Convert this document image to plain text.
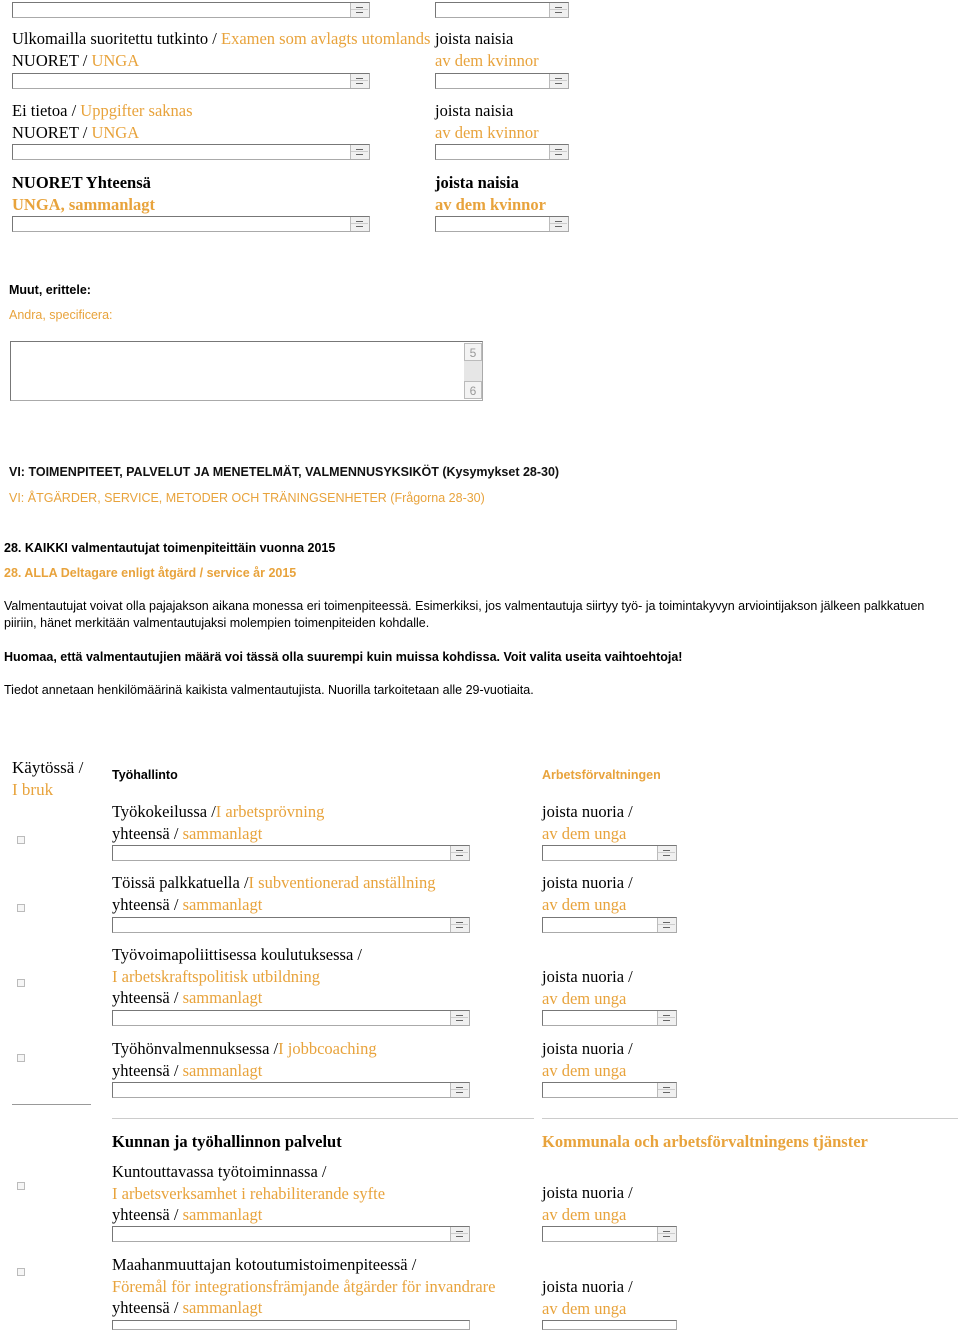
Ulkomailla suoritettu tutkinto / Examen som avlagts utomlands
NUORET / UNGA
joista naisia
av dem kvinnor
Ei tietoa / Uppgifter saknas
NUORET / UNGA
joista naisia
av dem kvinnor
NUORET Yhteensä
UNGA, sammanlagt
joista naisia
av dem kvinnor
Muut, erittele:
Andra, specificera:
5
6
VI: TOIMENPITEET, PALVELUT JA MENETELMÄT, VALMENNUSYKSIKÖT (Kysymykset 28-30)
VI: ÅTGÄRDER, SERVICE, METODER OCH TRÄNINGSENHETER (Frågorna 28-30)
28. KAIKKI valmentautujat toimenpiteittäin vuonna 2015
28. ALLA Deltagare enligt åtgärd / service år 2015
Valmentautujat voivat olla pajajakson aikana monessa eri toimenpiteessä. Esimerkiksi, jos valmentautuja siirtyy työ- ja toimintakyvyn arviointijakson jälkeen palkkatuen piiriin, hänet merkitään valmentautujaksi molempien toimenpiteiden kohdalle.
Huomaa, että valmentautujien määrä voi tässä olla suurempi kuin muissa kohdissa. Voit valita useita vaihtoehtoja!
Tiedot annetaan henkilömäärinä kaikista valmentautujista. Nuorilla tarkoitetaan alle 29-vuotiaita.
Käytössä /
I bruk
Työhallinto	Arbetsförvaltningen
Työkokeilussa /I arbetsprövning
yhteensä / sammanlagt
joista nuoria /
av dem unga
Töissä palkkatuella /I subventionerad anställning
yhteensä / sammanlagt
joista nuoria /
av dem unga
Työvoimapoliittisessa koulutuksessa /
I arbetskraftspolitisk utbildning
yhteensä / sammanlagt
joista nuoria /
av dem unga
Työhönvalmennuksessa /I jobbcoaching
yhteensä / sammanlagt
joista nuoria /
av dem unga
Kunnan ja työhallinnon palvelut	Kommunala och arbetsförvaltningens tjänster
Kuntouttavassa työtoiminnassa /
I arbetsverksamhet i rehabiliterande syfte
yhteensä / sammanlagt
joista nuoria /
av dem unga
Maahanmuuttajan kotoutumistoimenpiteessä /
Föremål för integrationsfrämjande åtgärder för invandrare
yhteensä / sammanlagt
joista nuoria /
av dem unga
